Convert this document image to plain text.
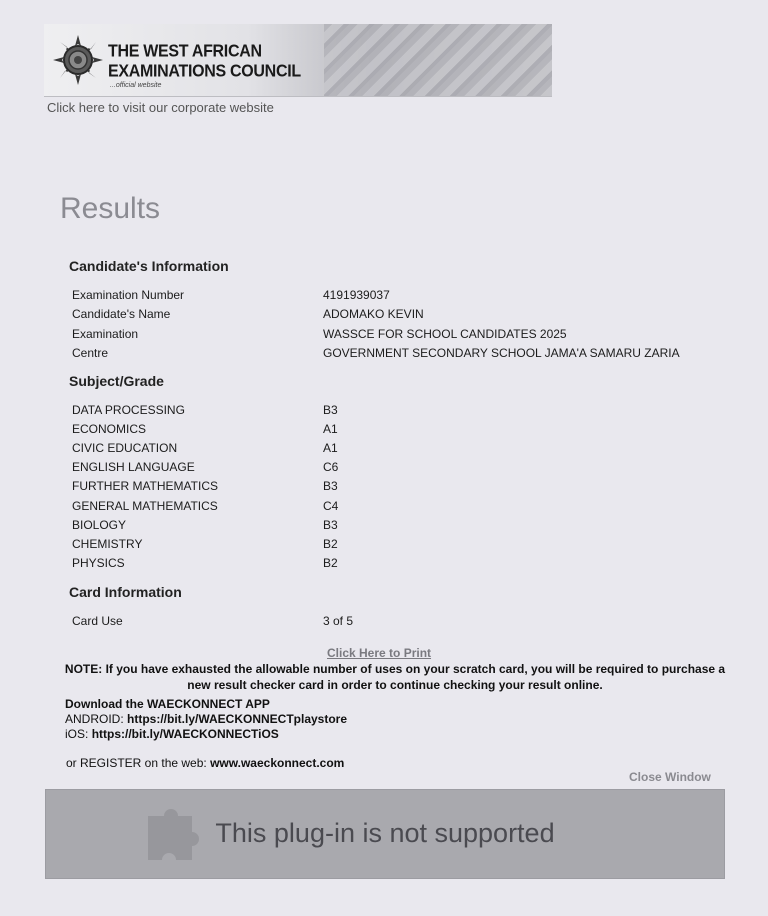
THE WEST AFRICAN
EXAMINATIONS COUNCIL
...official website
Click here to visit our corporate website
Results
Candidate's Information
Examination Number	4191939037
Candidate's Name	ADOMAKO KEVIN
Examination	WASSCE FOR SCHOOL CANDIDATES 2025
Centre	GOVERNMENT SECONDARY SCHOOL JAMA'A SAMARU ZARIA
Subject/Grade
DATA PROCESSING	B3
ECONOMICS	A1
CIVIC EDUCATION	A1
ENGLISH LANGUAGE	C6
FURTHER MATHEMATICS	B3
GENERAL MATHEMATICS	C4
BIOLOGY	B3
CHEMISTRY	B2
PHYSICS	B2
Card Information
Card Use	3 of 5
Click Here to Print
NOTE: If you have exhausted the allowable number of uses on your scratch card, you will be required to purchase a new result checker card in order to continue checking your result online.
Download the WAECKONNECT APP
ANDROID: https://bit.ly/WAECKONNECTplaystore
iOS: https://bit.ly/WAECKONNECTiOS
or REGISTER on the web: www.waeckonnect.com
Close Window
This plug-in is not supported
